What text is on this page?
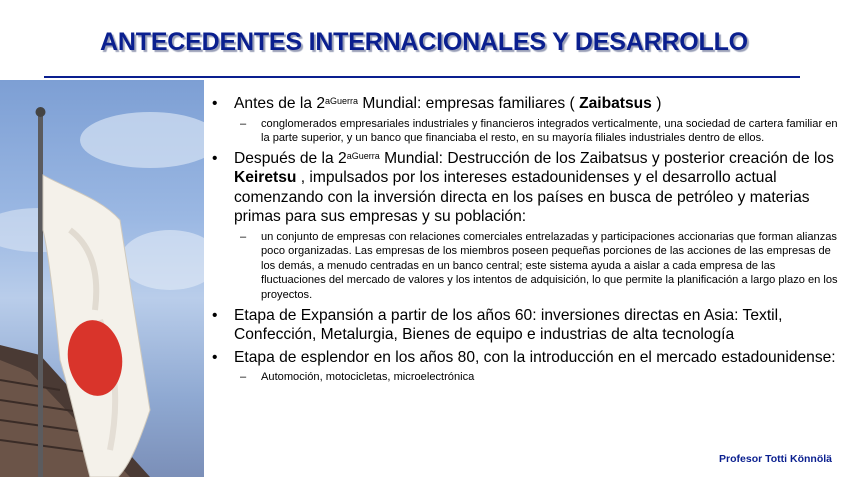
ANTECEDENTES INTERNACIONALES Y DESARROLLO
• Antes de la $2^{aGuerra}$ Mundial: empresas familiares ( Zaibatsus )
– conglomerados empresariales industriales y financieros integrados verticalmente, una sociedad de cartera familiar en la parte superior, y un banco que financiaba el resto, en su mayoría filiales industriales dentro de ellos.
• Después de la $2^{aGuerra}$ Mundial: Destrucción de los Zaibatsus y posterior creación de los Keiretsu , impulsados por los intereses estadounidenses y el desarrollo actual comenzando con la inversión directa en los países en busca de petróleo y materias primas para sus empresas y su población:
– un conjunto de empresas con relaciones comerciales entrelazadas y participaciones accionarias que forman alianzas poco organizadas. Las empresas de los miembros poseen pequeñas porciones de las acciones de las empresas de los demás, a menudo centradas en un banco central; este sistema ayuda a aislar a cada empresa de las fluctuaciones del mercado de valores y los intentos de adquisición, lo que permite la planificación a largo plazo en los proyectos.
• Etapa de Expansión a partir de los años 60: inversiones directas en Asia: Textil, Confección, Metalurgia, Bienes de equipo e industrias de alta tecnología
• Etapa de esplendor en los años 80, con la introducción en el mercado estadounidense:
– Automoción, motocicletas, microelectrónica
Profesor Totti Könnölä
